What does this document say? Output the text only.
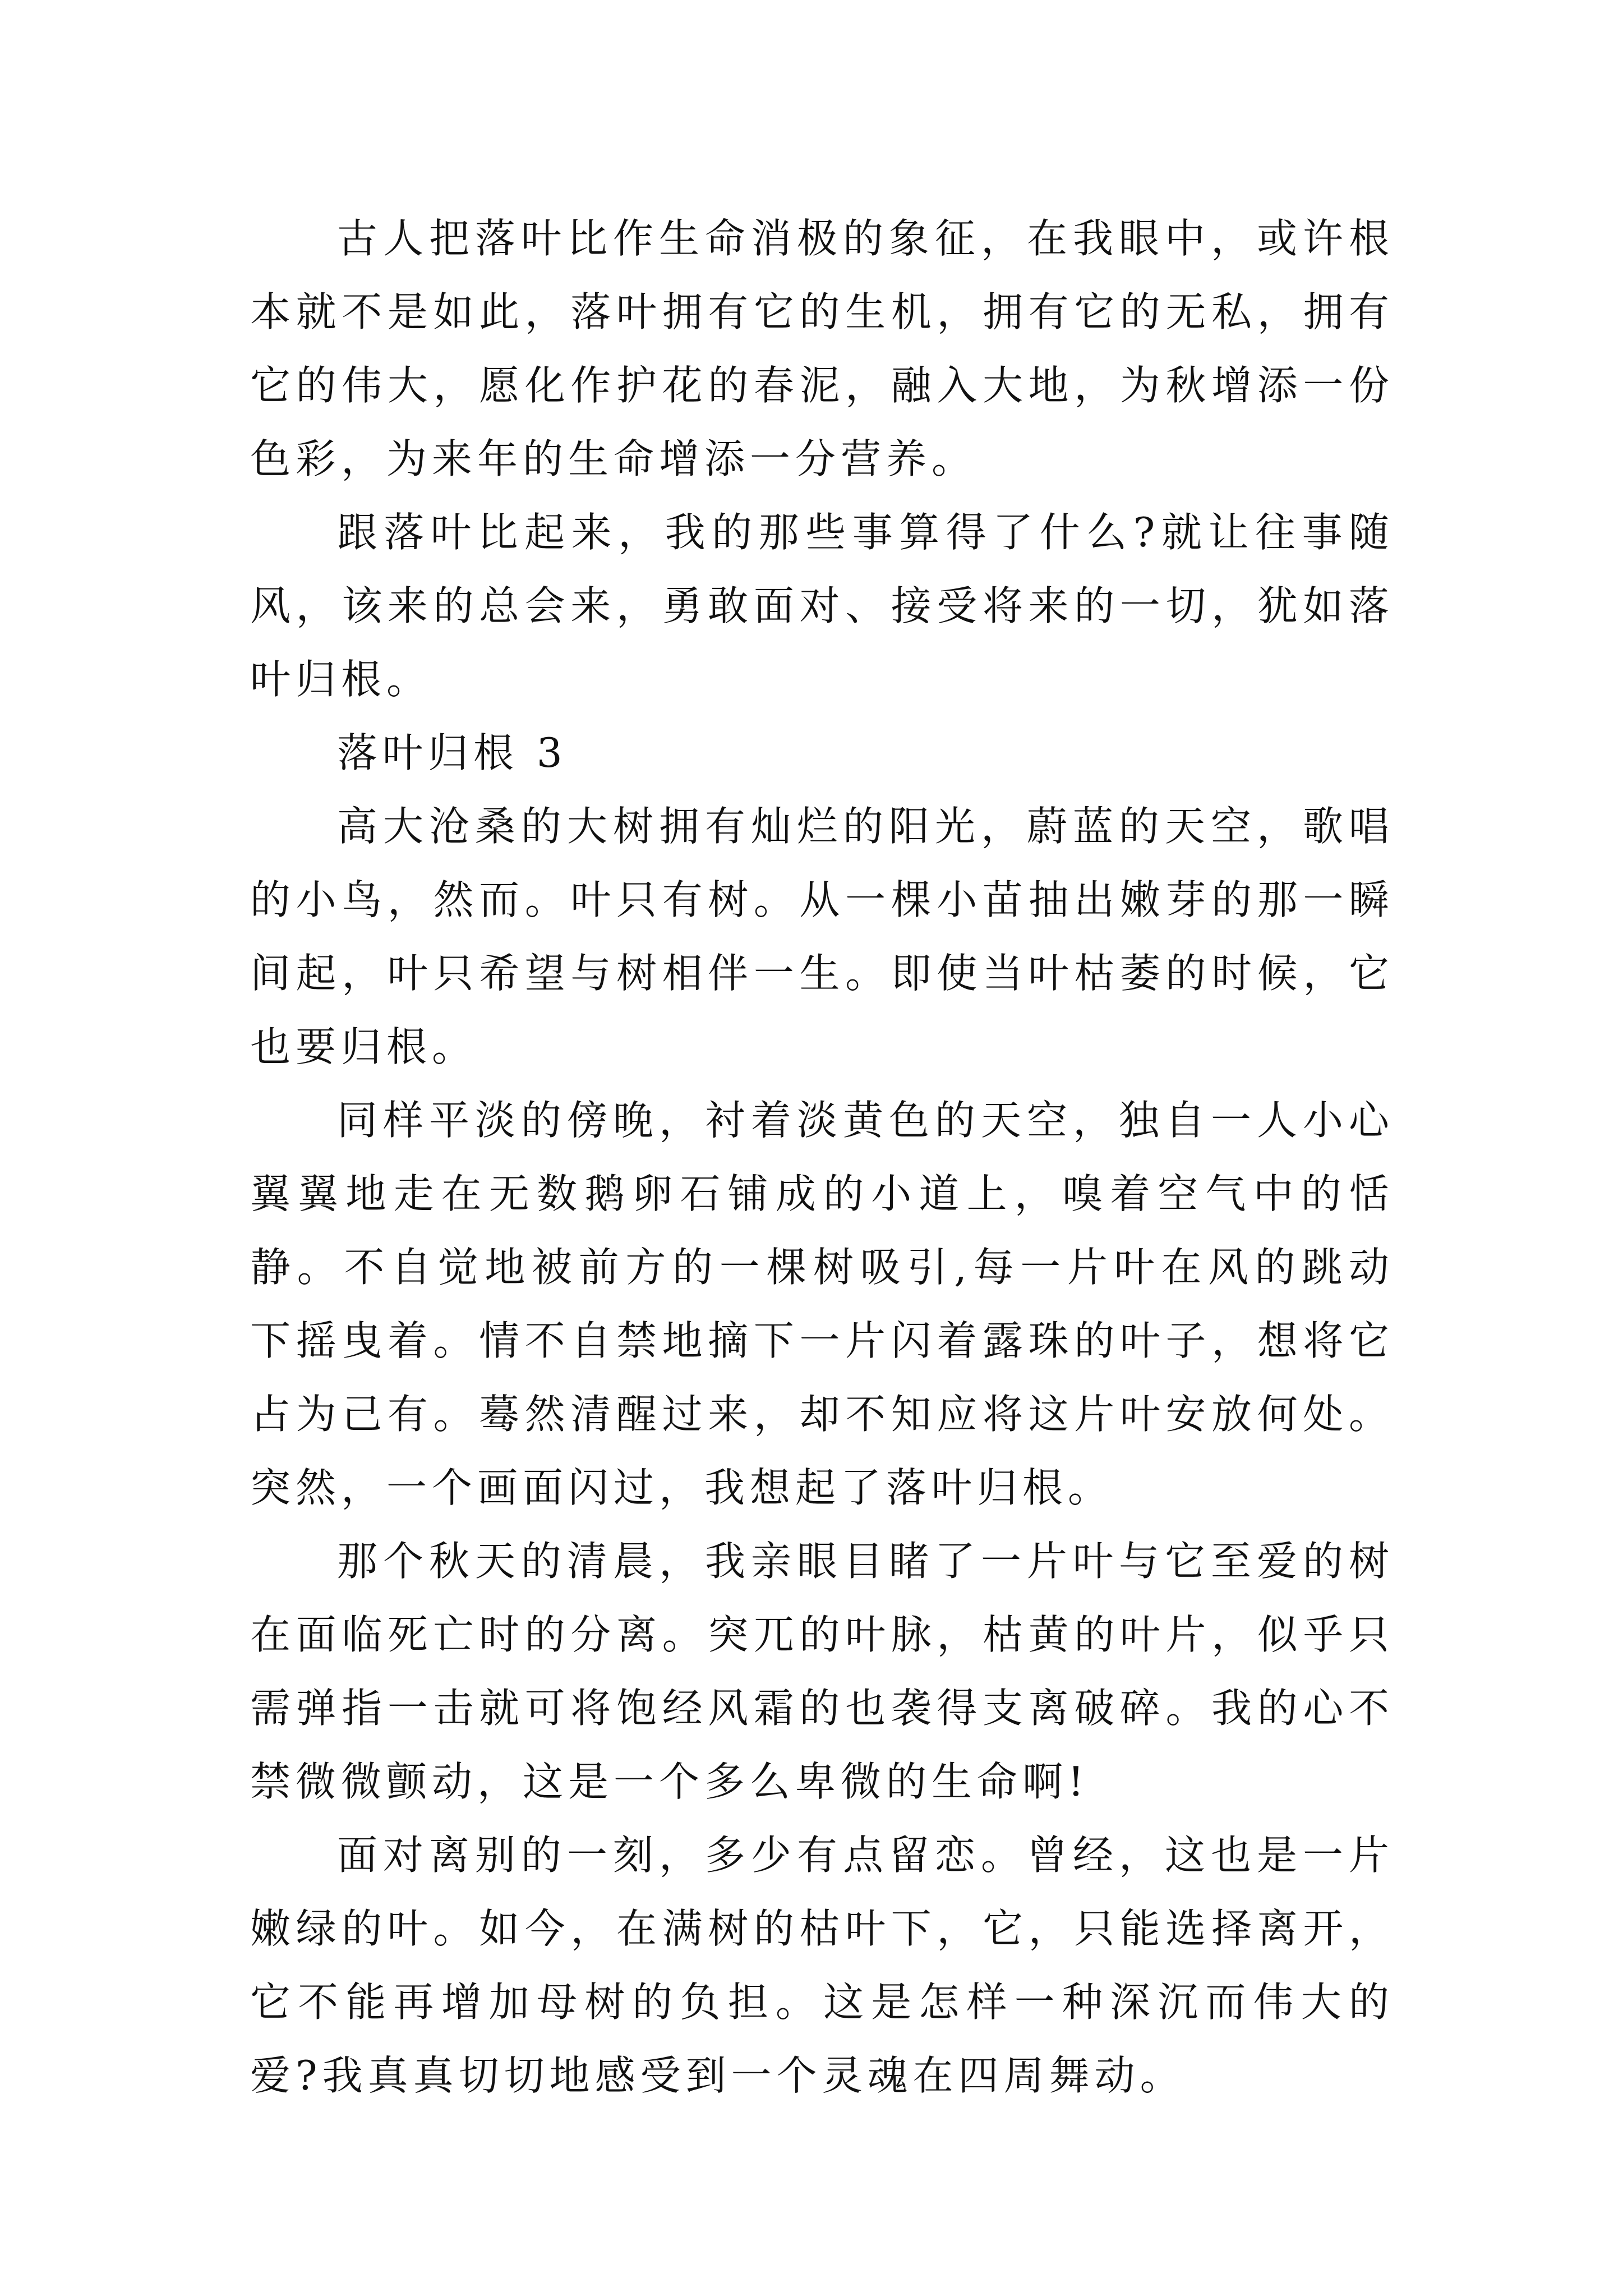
古人把落叶比作生命消极的象征，在我眼中，或许根本就不是如此，落叶拥有它的生机，拥有它的无私，拥有它的伟大，愿化作护花的春泥，融入大地，为秋增添一份色彩，为来年的生命增添一分营养。

跟落叶比起来，我的那些事算得了什么?就让往事随风，该来的总会来，勇敢面对、接受将来的一切，犹如落叶归根。

落叶归根 3

高大沧桑的大树拥有灿烂的阳光，蔚蓝的天空，歌唱的小鸟，然而。叶只有树。从一棵小苗抽出嫩芽的那一瞬间起，叶只希望与树相伴一生。即使当叶枯萎的时候，它也要归根。

同样平淡的傍晚，衬着淡黄色的天空，独自一人小心翼翼地走在无数鹅卵石铺成的小道上，嗅着空气中的恬静。不自觉地被前方的一棵树吸引,每一片叶在风的跳动下摇曳着。情不自禁地摘下一片闪着露珠的叶子，想将它占为己有。蓦然清醒过来，却不知应将这片叶安放何处。突然，一个画面闪过，我想起了落叶归根。

那个秋天的清晨，我亲眼目睹了一片叶与它至爱的树在面临死亡时的分离。突兀的叶脉，枯黄的叶片，似乎只需弹指一击就可将饱经风霜的也袭得支离破碎。我的心不禁微微颤动，这是一个多么卑微的生命啊!

面对离别的一刻，多少有点留恋。曾经，这也是一片嫩绿的叶。如今，在满树的枯叶下，它，只能选择离开，它不能再增加母树的负担。这是怎样一种深沉而伟大的爱?我真真切切地感受到一个灵魂在四周舞动。
